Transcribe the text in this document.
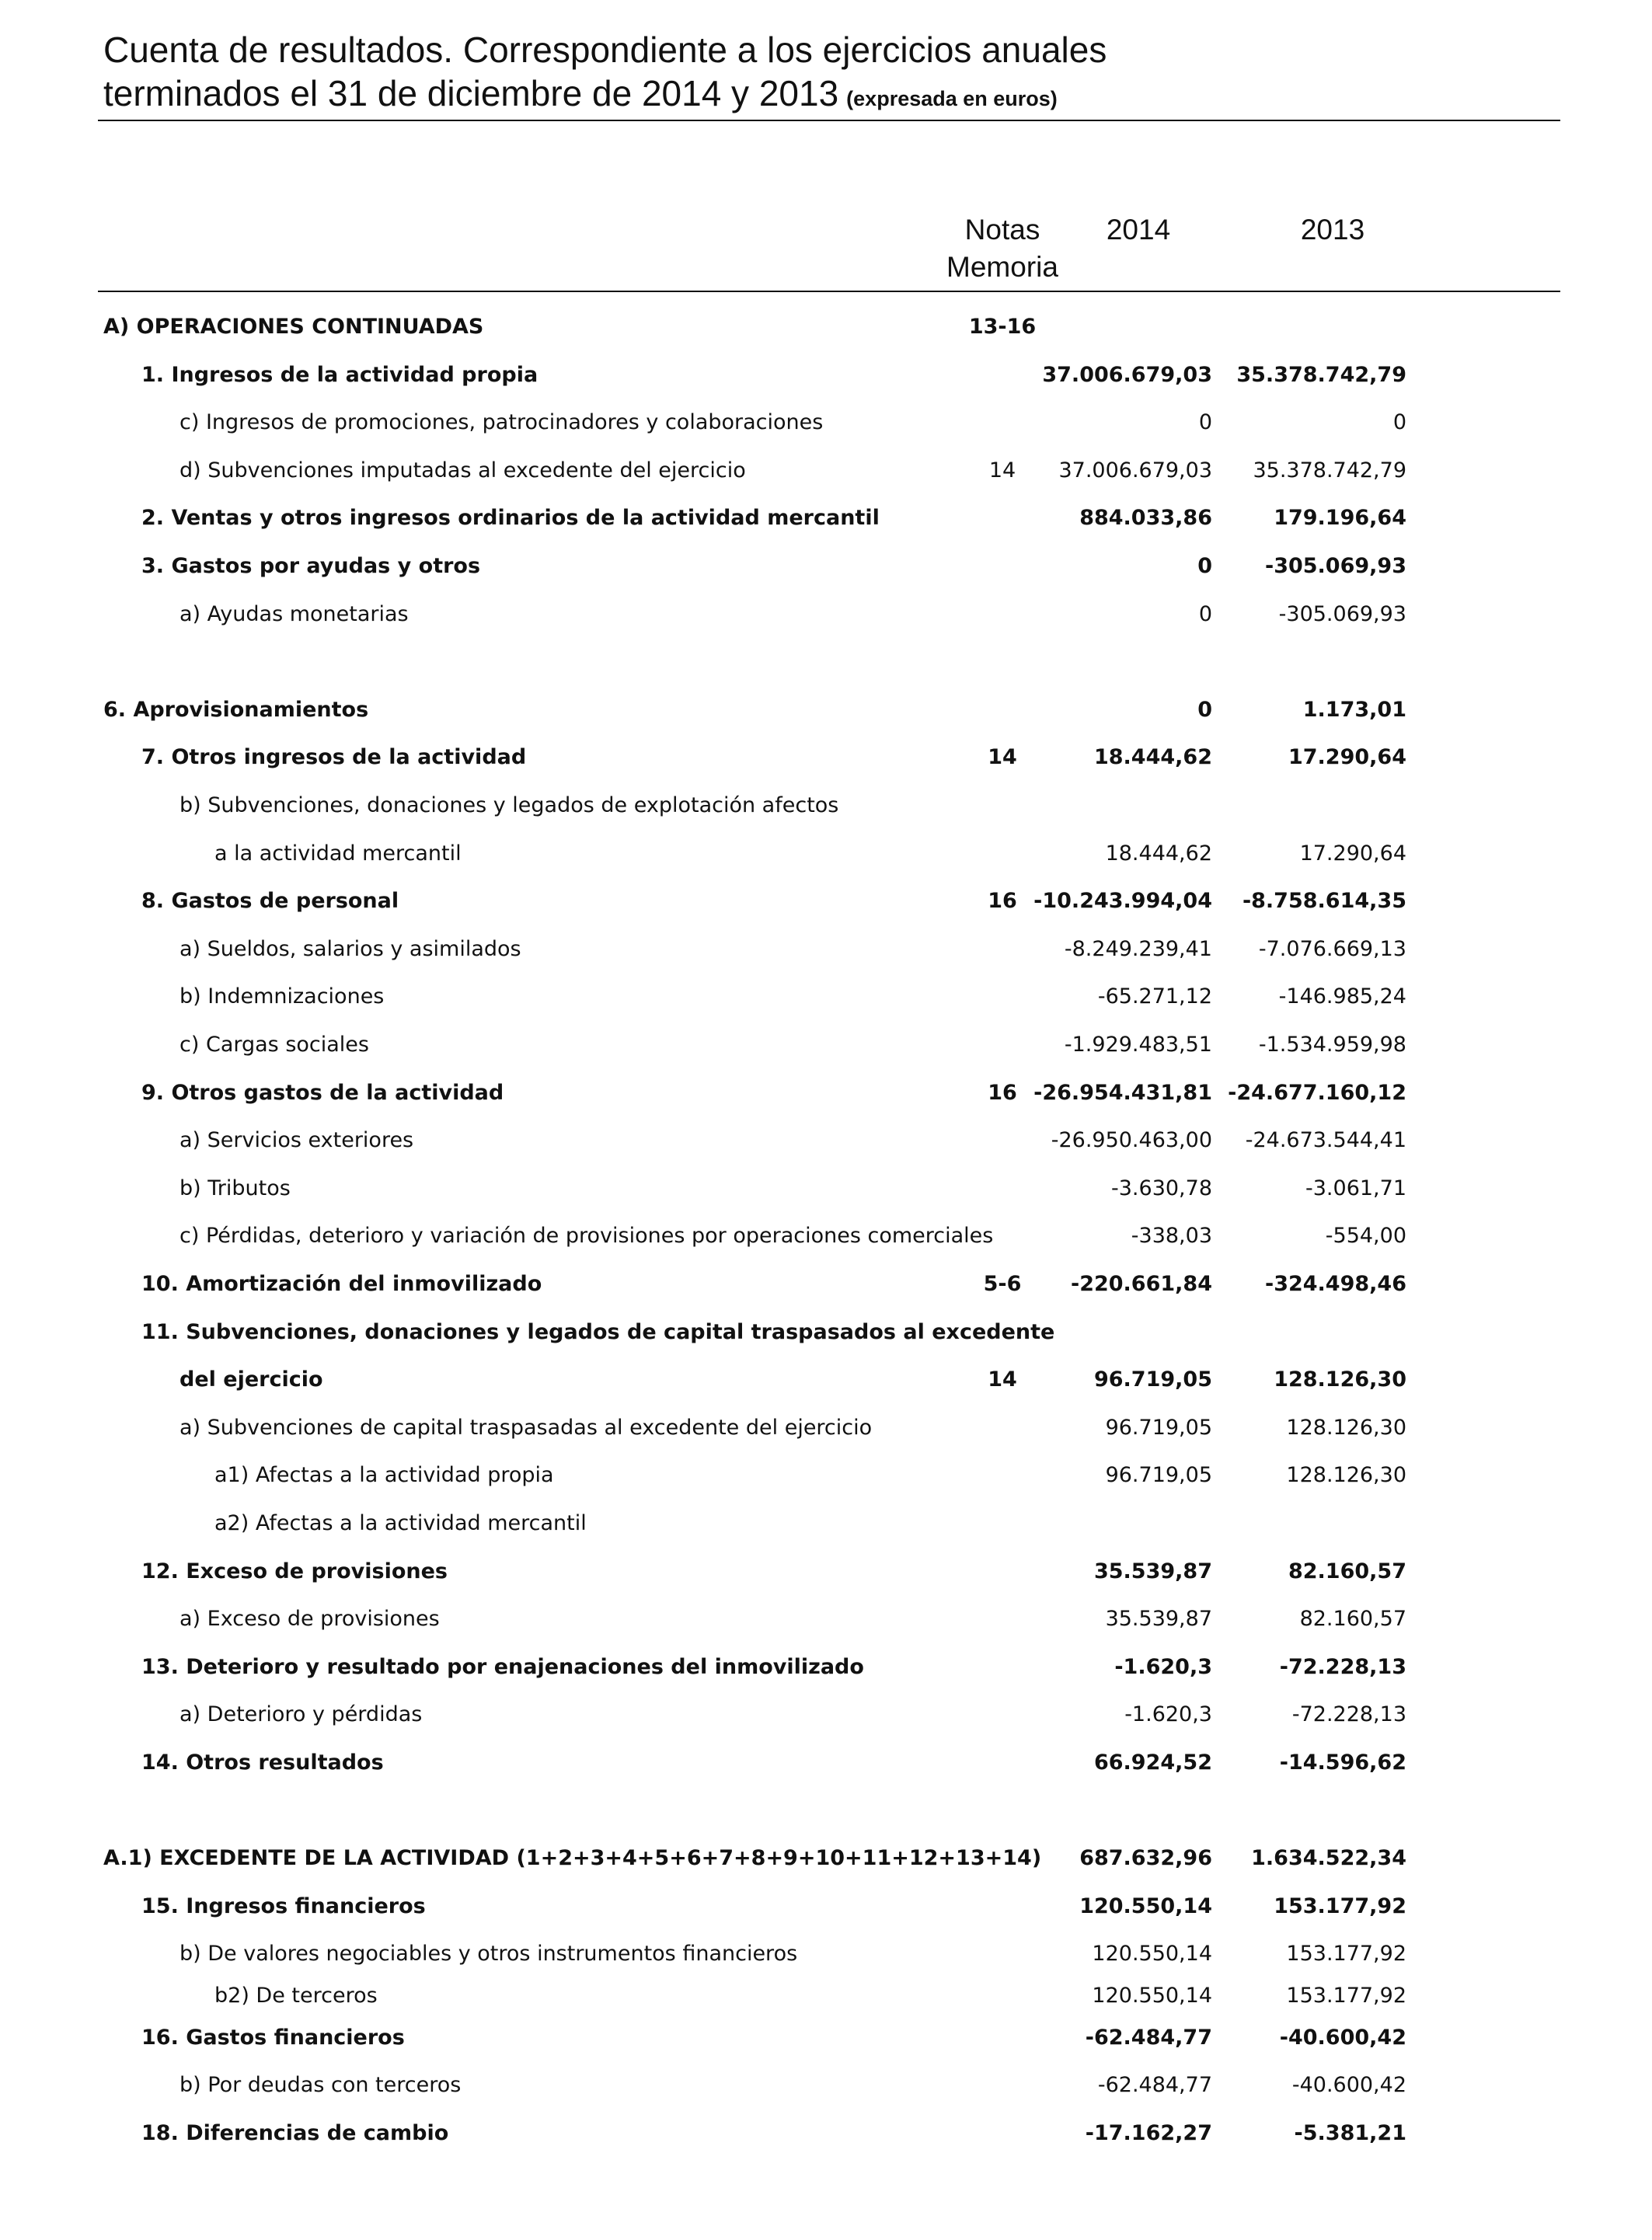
Cuenta de resultados. Correspondiente a los ejercicios anuales
terminados el 31 de diciembre de 2014 y 2013 (expresada en euros)
Notas
Memoria
2014	2013
A) OPERACIONES CONTINUADAS	13-16
1. Ingresos de la actividad propia	37.006.679,03	35.378.742,79
c) Ingresos de promociones, patrocinadores y colaboraciones	0	0
d) Subvenciones imputadas al excedente del ejercicio	14	37.006.679,03	35.378.742,79
2. Ventas y otros ingresos ordinarios de la actividad mercantil	884.033,86	179.196,64
3. Gastos por ayudas y otros	0	-305.069,93
a) Ayudas monetarias	0	-305.069,93
6. Aprovisionamientos	0	1.173,01
7. Otros ingresos de la actividad	14	18.444,62	17.290,64
b) Subvenciones, donaciones y legados de explotación afectos
a la actividad mercantil	18.444,62	17.290,64
8. Gastos de personal	16 -10.243.994,04	-8.758.614,35
a) Sueldos, salarios y asimilados	-8.249.239,41	-7.076.669,13
b) Indemnizaciones	-65.271,12	-146.985,24
c) Cargas sociales	-1.929.483,51	-1.534.959,98
9. Otros gastos de la actividad	16 -26.954.431,81 -24.677.160,12
a) Servicios exteriores	-26.950.463,00	-24.673.544,41
b) Tributos	-3.630,78	-3.061,71
c) Pérdidas, deterioro y variación de provisiones por operaciones comerciales	-338,03	-554,00
10. Amortización del inmovilizado	5-6	-220.661,84	-324.498,46
11. Subvenciones, donaciones y legados de capital traspasados al excedente
del ejercicio	14	96.719,05	128.126,30
a) Subvenciones de capital traspasadas al excedente del ejercicio	96.719,05	128.126,30
a1) Afectas a la actividad propia	96.719,05	128.126,30
a2) Afectas a la actividad mercantil
12. Exceso de provisiones	35.539,87	82.160,57
a) Exceso de provisiones	35.539,87	82.160,57
13. Deterioro y resultado por enajenaciones del inmovilizado	-1.620,3	-72.228,13
a) Deterioro y pérdidas	-1.620,3	-72.228,13
14. Otros resultados	66.924,52	-14.596,62
A.1) EXCEDENTE DE LA ACTIVIDAD (1+2+3+4+5+6+7+8+9+10+11+12+13+14)	687.632,96	1.634.522,34
15. Ingresos financieros	120.550,14	153.177,92
b) De valores negociables y otros instrumentos financieros	120.550,14	153.177,92
b2) De terceros	120.550,14	153.177,92
16. Gastos financieros	-62.484,77	-40.600,42
b) Por deudas con terceros	-62.484,77	-40.600,42
18. Diferencias de cambio	-17.162,27	-5.381,21
